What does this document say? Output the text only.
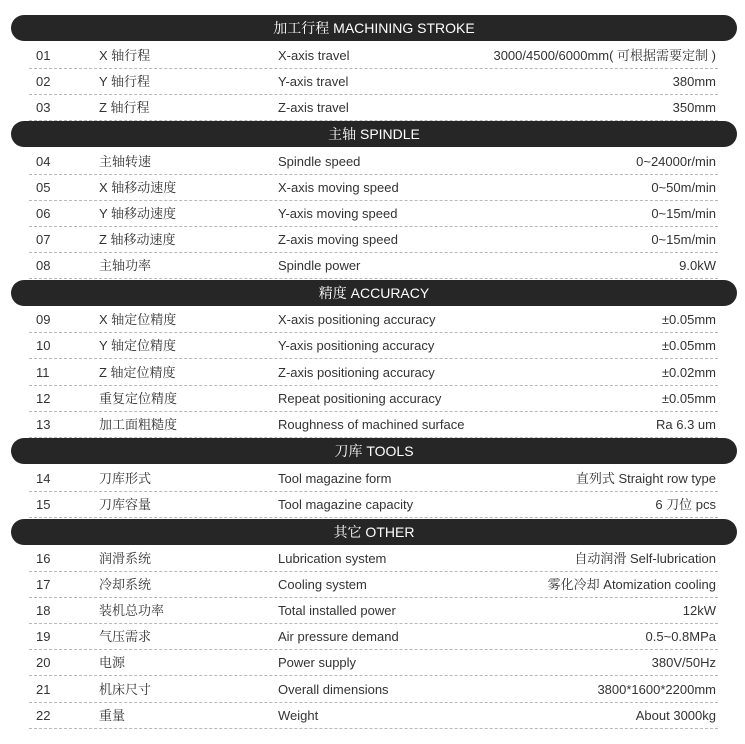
加工行程 MACHINING STROKE
01	X 轴行程	X-axis travel	3000/4500/6000mm( 可根据需要定制 )
02	Y 轴行程	Y-axis travel	380mm
03	Z 轴行程	Z-axis travel	350mm
主轴 SPINDLE
04	主轴转速	Spindle speed	0~24000r/min
05	X 轴移动速度	X-axis moving speed	0~50m/min
06	Y 轴移动速度	Y-axis moving speed	0~15m/min
07	Z 轴移动速度	Z-axis moving speed	0~15m/min
08	主轴功率	Spindle power	9.0kW
精度 ACCURACY
09	X 轴定位精度	X-axis positioning accuracy	±0.05mm
10	Y 轴定位精度	Y-axis positioning accuracy	±0.05mm
11	Z 轴定位精度	Z-axis positioning accuracy	±0.02mm
12	重复定位精度	Repeat positioning accuracy	±0.05mm
13	加工面粗糙度	Roughness of machined surface	Ra 6.3 um
刀库 TOOLS
14	刀库形式	Tool magazine form	直列式 Straight row type
15	刀库容量	Tool magazine capacity	6 刀位 pcs
其它 OTHER
16	润滑系统	Lubrication system	自动润滑 Self-lubrication
17	冷却系统	Cooling system	雾化冷却 Atomization cooling
18	装机总功率	Total installed power	12kW
19	气压需求	Air pressure demand	0.5~0.8MPa
20	电源	Power supply	380V/50Hz
21	机床尺寸	Overall dimensions	3800*1600*2200mm
22	重量	Weight	About 3000kg
